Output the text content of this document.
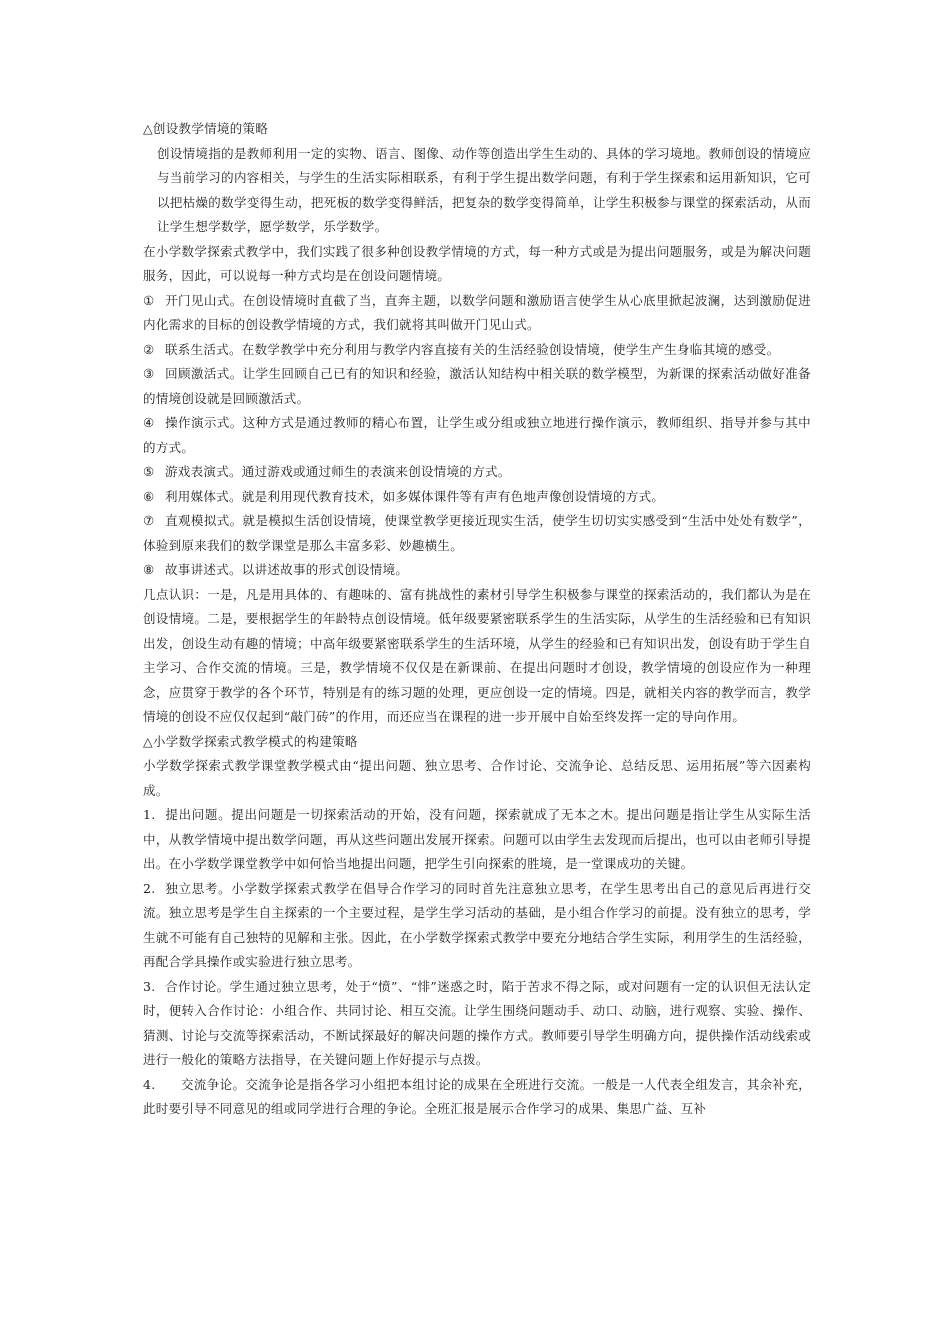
△创设教学情境的策略

创设情境指的是教师利用一定的实物、语言、图像、动作等创造出学生生动的、具体的学习境地。教师创设的情境应与当前学习的内容相关，与学生的生活实际相联系，有利于学生提出数学问题，有利于学生探索和运用新知识，它可以把枯燥的数学变得生动，把死板的数学变得鲜活，把复杂的数学变得简单，让学生积极参与课堂的探索活动，从而让学生想学数学，愿学数学，乐学数学。

在小学数学探索式教学中，我们实践了很多种创设教学情境的方式，每一种方式或是为提出问题服务，或是为解决问题服务，因此，可以说每一种方式均是在创设问题情境。

① 开门见山式。在创设情境时直截了当，直奔主题，以数学问题和激励语言使学生从心底里掀起波澜，达到激励促进内化需求的目标的创设教学情境的方式，我们就将其叫做开门见山式。

② 联系生活式。在数学教学中充分利用与教学内容直接有关的生活经验创设情境，使学生产生身临其境的感受。

③ 回顾激活式。让学生回顾自己已有的知识和经验，激活认知结构中相关联的数学模型，为新课的探索活动做好准备的情境创设就是回顾激活式。

④ 操作演示式。这种方式是通过教师的精心布置，让学生或分组或独立地进行操作演示，教师组织、指导并参与其中的方式。

⑤ 游戏表演式。通过游戏或通过师生的表演来创设情境的方式。

⑥ 利用媒体式。就是利用现代教育技术，如多媒体课件等有声有色地声像创设情境的方式。

⑦ 直观模拟式。就是模拟生活创设情境，使课堂教学更接近现实生活，使学生切切实实感受到“生活中处处有数学”，体验到原来我们的数学课堂是那么丰富多彩、妙趣横生。

⑧ 故事讲述式。以讲述故事的形式创设情境。

几点认识：一是，凡是用具体的、有趣味的、富有挑战性的素材引导学生积极参与课堂的探索活动的，我们都认为是在创设情境。二是，要根据学生的年龄特点创设情境。低年级要紧密联系学生的生活实际，从学生的生活经验和已有知识出发，创设生动有趣的情境；中高年级要紧密联系学生的生活环境，从学生的经验和已有知识出发，创设有助于学生自主学习、合作交流的情境。三是，教学情境不仅仅是在新课前、在提出问题时才创设，教学情境的创设应作为一种理念，应贯穿于教学的各个环节，特别是有的练习题的处理，更应创设一定的情境。四是，就相关内容的教学而言，教学情境的创设不应仅仅起到“敲门砖”的作用，而还应当在课程的进一步开展中自始至终发挥一定的导向作用。

△小学数学探索式教学模式的构建策略

小学数学探索式教学课堂教学模式由“提出问题、独立思考、合作讨论、交流争论、总结反思、运用拓展”等六因素构成。

1. 提出问题。提出问题是一切探索活动的开始，没有问题，探索就成了无本之木。提出问题是指让学生从实际生活中，从教学情境中提出数学问题，再从这些问题出发展开探索。问题可以由学生去发现而后提出，也可以由老师引导提出。在小学数学课堂教学中如何恰当地提出问题，把学生引向探索的胜境，是一堂课成功的关键。

2. 独立思考。小学数学探索式教学在倡导合作学习的同时首先注意独立思考，在学生思考出自己的意见后再进行交流。独立思考是学生自主探索的一个主要过程，是学生学习活动的基础，是小组合作学习的前提。没有独立的思考，学生就不可能有自己独特的见解和主张。因此，在小学数学探索式教学中要充分地结合学生实际，利用学生的生活经验，再配合学具操作或实验进行独立思考。

3. 合作讨论。学生通过独立思考，处于“愤”、“悱”迷惑之时，陷于苦求不得之际，或对问题有一定的认识但无法认定时，便转入合作讨论：小组合作、共同讨论、相互交流。让学生围绕问题动手、动口、动脑，进行观察、实验、操作、猜测、讨论与交流等探索活动，不断试探最好的解决问题的操作方式。教师要引导学生明确方向，提供操作活动线索或进行一般化的策略方法指导，在关键问题上作好提示与点拨。

4. 交流争论。交流争论是指各学习小组把本组讨论的成果在全班进行交流。一般是一人代表全组发言，其余补充，此时要引导不同意见的组或同学进行合理的争论。全班汇报是展示合作学习的成果、集思广益、互补
